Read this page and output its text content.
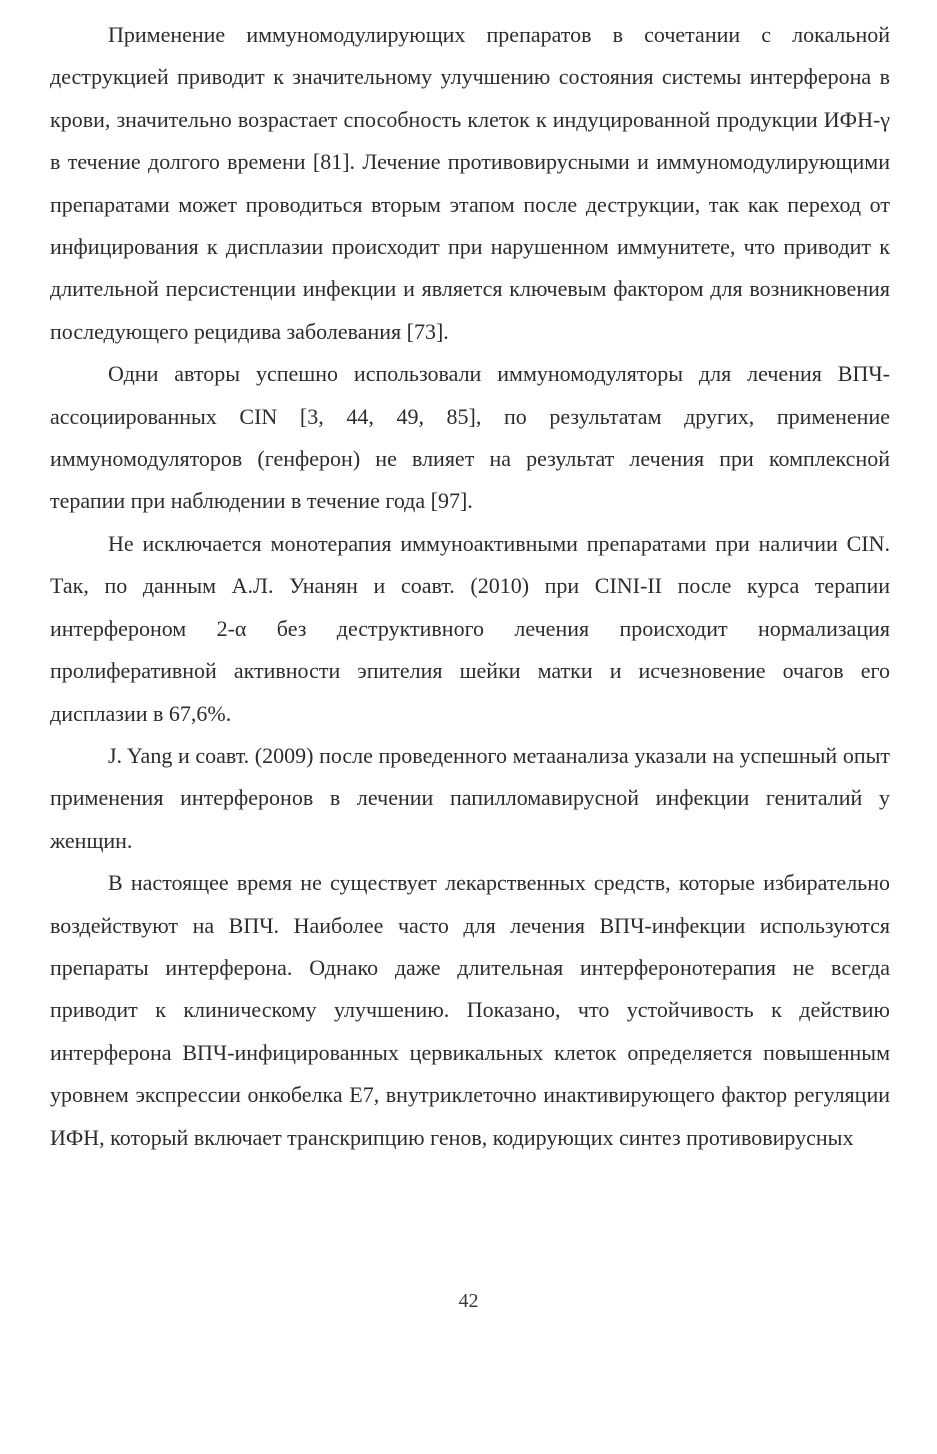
Применение иммуномодулирующих препаратов в сочетании с локальной деструкцией приводит к значительному улучшению состояния системы интерферона в крови, значительно возрастает способность клеток к индуцированной продукции ИФН-γ в течение долгого времени [81]. Лечение противовирусными и иммуномодулирующими препаратами может проводиться вторым этапом после деструкции, так как переход от инфицирования к дисплазии происходит при нарушенном иммунитете, что приводит к длительной персистенции инфекции и является ключевым фактором для возникновения последующего рецидива заболевания [73].

Одни авторы успешно использовали иммуномодуляторы для лечения ВПЧ-ассоциированных CIN [3, 44, 49, 85], по результатам других, применение иммуномодуляторов (генферон) не влияет на результат лечения при комплексной терапии при наблюдении в течение года [97].

Не исключается монотерапия иммуноактивными препаратами при наличии CIN. Так, по данным А.Л. Унанян и соавт. (2010) при CINI-II после курса терапии интерфероном 2-α без деструктивного лечения происходит нормализация пролиферативной активности эпителия шейки матки и исчезновение очагов его дисплазии в 67,6%.

J. Yang и соавт. (2009) после проведенного метаанализа указали на успешный опыт применения интерферонов в лечении папилломавирусной инфекции гениталий у женщин.

В настоящее время не существует лекарственных средств, которые избирательно воздействуют на ВПЧ. Наиболее часто для лечения ВПЧ-инфекции используются препараты интерферона. Однако даже длительная интерферонотерапия не всегда приводит к клиническому улучшению. Показано, что устойчивость к действию интерферона ВПЧ-инфицированных цервикальных клеток определяется повышенным уровнем экспрессии онкобелка Е7, внутриклеточно инактивирующего фактор регуляции ИФН, который включает транскрипцию генов, кодирующих синтез противовирусных

42
